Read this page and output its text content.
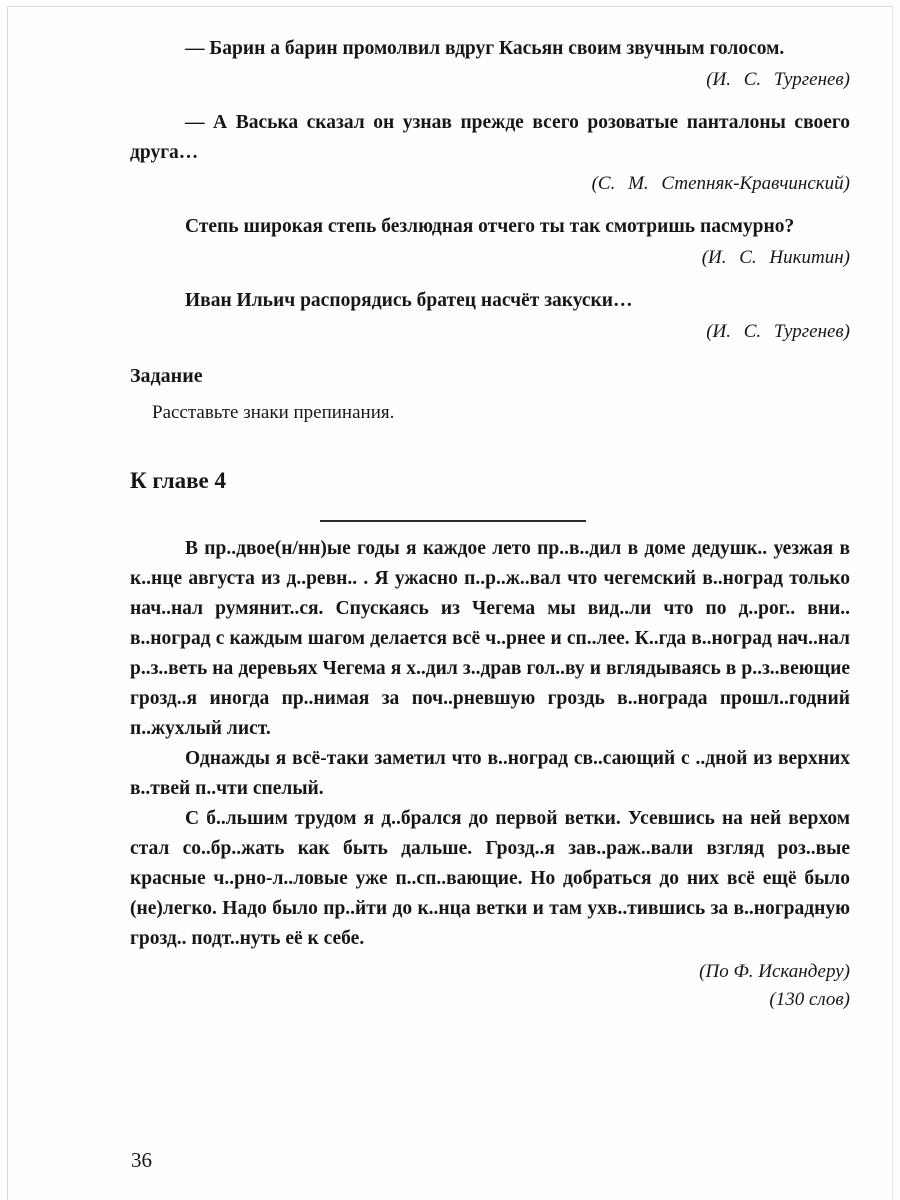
— Барин а барин промолвил вдруг Касьян своим звучным голосом.

(И. С. Тургенев)

— А Васька сказал он узнав прежде всего розоватые панталоны своего друга…

(С. М. Степняк-Кравчинский)

Степь широкая степь безлюдная отчего ты так смотришь пасмурно?

(И. С. Никитин)

Иван Ильич распорядись братец насчёт закуски…

(И. С. Тургенев)

Задание

Расставьте знаки препинания.

К главе 4

В пр..двое(н/нн)ые годы я каждое лето пр..в..дил в доме дедушк.. уезжая в к..нце августа из д..ревн.. . Я ужасно п..р..ж..вал что чегемский в..ноград только нач..нал румянит..ся. Спускаясь из Чегема мы вид..ли что по д..рог.. вни.. в..ноград с каждым шагом делается всё ч..рнее и сп..лее. К..гда в..ноград нач..нал р..з..веть на деревьях Чегема я х..дил з..драв гол..ву и вглядываясь в р..з..веющие грозд..я иногда пр..нимая за поч..рневшую гроздь в..нограда прошл..годний п..жухлый лист.

Однажды я всё-таки заметил что в..ноград св..сающий с ..дной из верхних в..твей п..чти спелый.

С б..льшим трудом я д..брался до первой ветки. Усевшись на ней верхом стал со..бр..жать как быть дальше. Грозд..я зав..раж..вали взгляд роз..вые красные ч..рно-л..ловые уже п..сп..вающие. Но добраться до них всё ещё было (не)легко. Надо было пр..йти до к..нца ветки и там ухв..тившись за в..ноградную грозд.. подт..нуть её к себе.

(По Ф. Искандеру)

(130 слов)

36
